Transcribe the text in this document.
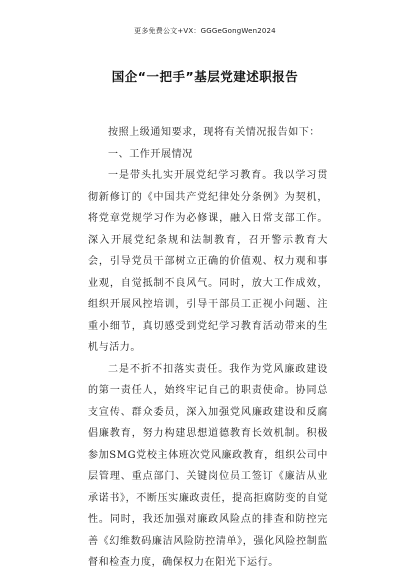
更多免费公文+VX：GGGeGongWen2024
国企“一把手”基层党建述职报告

按照上级通知要求，现将有关情况报告如下：

一、工作开展情况

一是带头扎实开展党纪学习教育。我以学习贯彻新修订的《中国共产党纪律处分条例》为契机，将党章党规学习作为必修课，融入日常支部工作。深入开展党纪条规和法制教育，召开警示教育大会，引导党员干部树立正确的价值观、权力观和事业观，自觉抵制不良风气。同时，放大工作成效，组织开展风控培训，引导干部员工正视小问题、注重小细节，真切感受到党纪学习教育活动带来的生机与活力。

二是不折不扣落实责任。我作为党风廉政建设的第一责任人，始终牢记自己的职责使命。协同总支宣传、群众委员，深入加强党风廉政建设和反腐倡廉教育，努力构建思想道德教育长效机制。积极参加SMG党校主体班次党风廉政教育，组织公司中层管理、重点部门、关键岗位员工签订《廉洁从业承诺书》，不断压实廉政责任，提高拒腐防变的自觉性。同时，我还加强对廉政风险点的排查和防控完善《幻维数码廉洁风险防控清单》，强化风险控制监督和检查力度，确保权力在阳光下运行。
